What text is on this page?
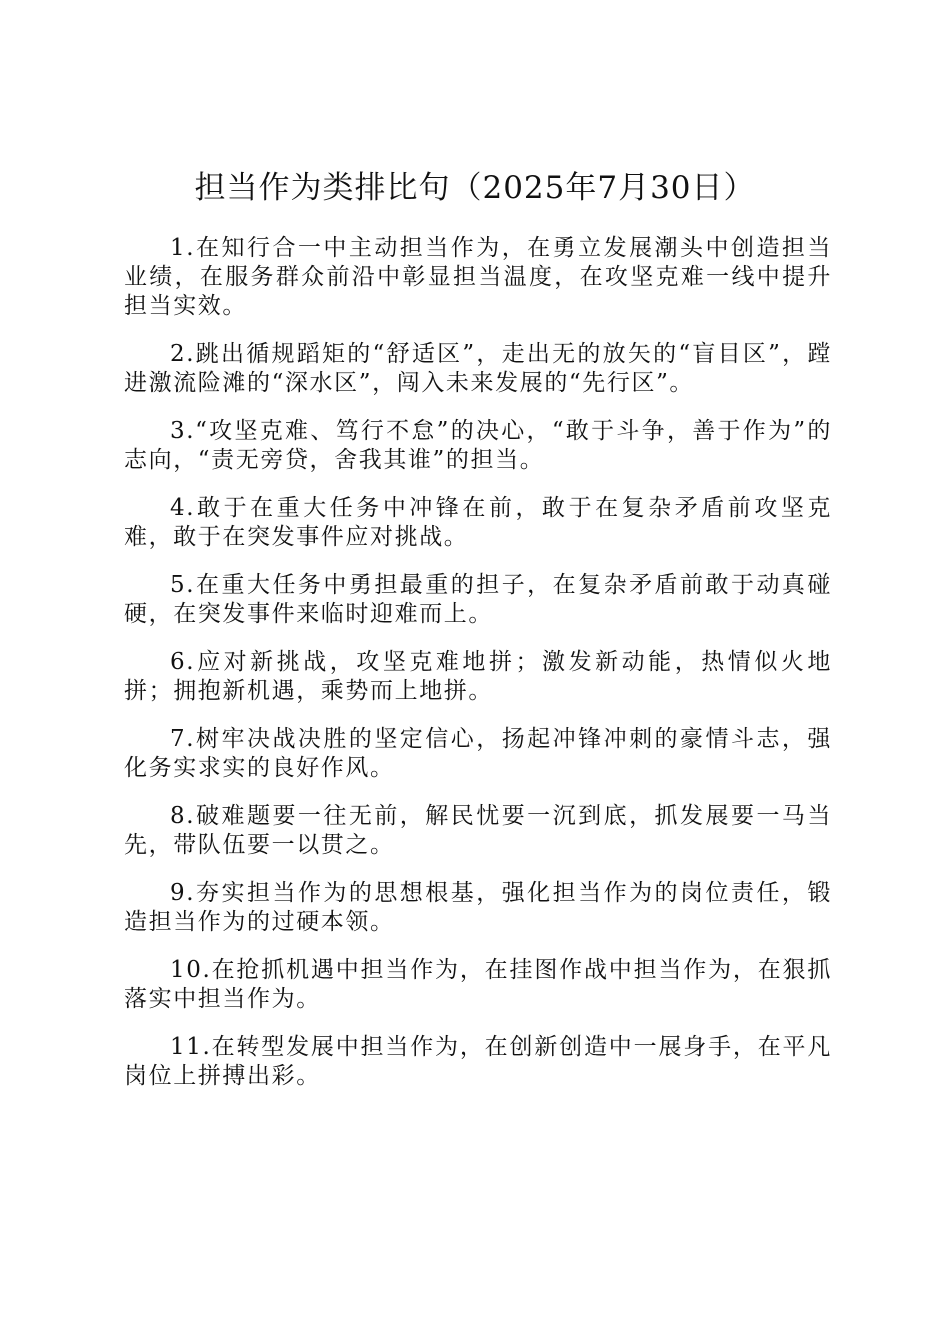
担当作为类排比句（2025年7月30日）

1.在知行合一中主动担当作为，在勇立发展潮头中创造担当业绩，在服务群众前沿中彰显担当温度，在攻坚克难一线中提升担当实效。

2.跳出循规蹈矩的“舒适区”，走出无的放矢的“盲目区”，蹚进激流险滩的“深水区”，闯入未来发展的“先行区”。

3.“攻坚克难、笃行不怠”的决心，“敢于斗争，善于作为”的志向，“责无旁贷，舍我其谁”的担当。

4.敢于在重大任务中冲锋在前，敢于在复杂矛盾前攻坚克难，敢于在突发事件应对挑战。

5.在重大任务中勇担最重的担子，在复杂矛盾前敢于动真碰硬，在突发事件来临时迎难而上。

6.应对新挑战，攻坚克难地拼；激发新动能，热情似火地拼；拥抱新机遇，乘势而上地拼。

7.树牢决战决胜的坚定信心，扬起冲锋冲刺的豪情斗志，强化务实求实的良好作风。

8.破难题要一往无前，解民忧要一沉到底，抓发展要一马当先，带队伍要一以贯之。

9.夯实担当作为的思想根基，强化担当作为的岗位责任，锻造担当作为的过硬本领。

10.在抢抓机遇中担当作为，在挂图作战中担当作为，在狠抓落实中担当作为。

11.在转型发展中担当作为，在创新创造中一展身手，在平凡岗位上拼搏出彩。
